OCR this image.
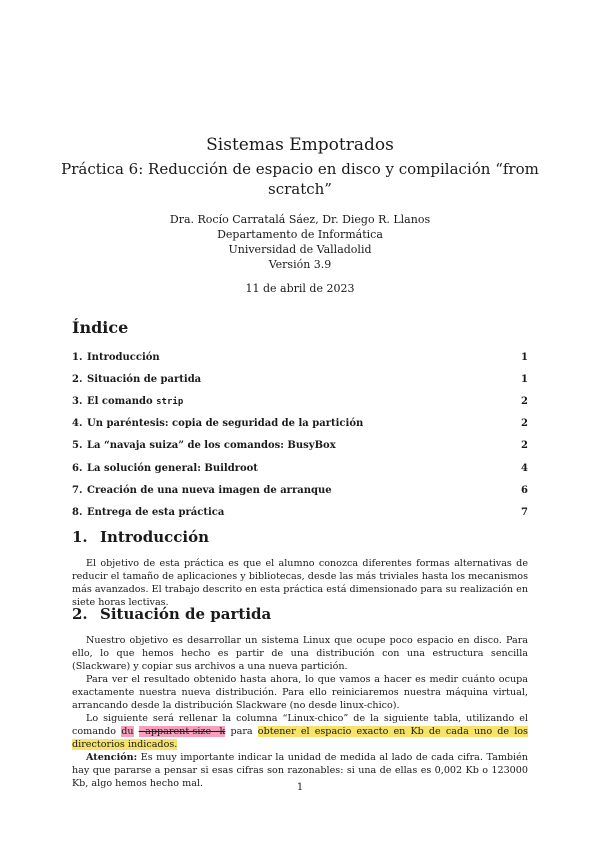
Sistemas Empotrados
Práctica 6: Reducción de espacio en disco y compilación “from scratch”
Dra. Rocío Carratalá Sáez, Dr. Diego R. Llanos
Departamento de Informática
Universidad de Valladolid
Versión 3.9
11 de abril de 2023
Índice
1. Introducción	1
2. Situación de partida	1
3. El comando strip	2
4. Un paréntesis: copia de seguridad de la partición	2
5. La “navaja suiza” de los comandos: BusyBox	2
6. La solución general: Buildroot	4
7. Creación de una nueva imagen de arranque	6
8. Entrega de esta práctica	7
1. Introducción

El objetivo de esta práctica es que el alumno conozca diferentes formas alternativas de reducir el tamaño de aplicaciones y bibliotecas, desde las más triviales hasta los mecanismos más avanzados. El trabajo descrito en esta práctica está dimensionado para su realización en siete horas lectivas.

2. Situación de partida

Nuestro objetivo es desarrollar un sistema Linux que ocupe poco espacio en disco. Para ello, lo que hemos hecho es partir de una distribución con una estructura sencilla (Slackware) y copiar sus archivos a una nueva partición.

Para ver el resultado obtenido hasta ahora, lo que vamos a hacer es medir cuánto ocupa exactamente nuestra nueva distribución. Para ello reiniciaremos nuestra máquina virtual, arrancando desde la distribución Slackware (no desde linux-chico).

Lo siguiente será rellenar la columna “Linux-chico” de la siguiente tabla, utilizando el comando du --apparent-size -k para obtener el espacio exacto en Kb de cada uno de los directorios indicados.

Atención: Es muy importante indicar la unidad de medida al lado de cada cifra. También hay que pararse a pensar si esas cifras son razonables: si una de ellas es 0,002 Kb o 123000 Kb, algo hemos hecho mal.	1
